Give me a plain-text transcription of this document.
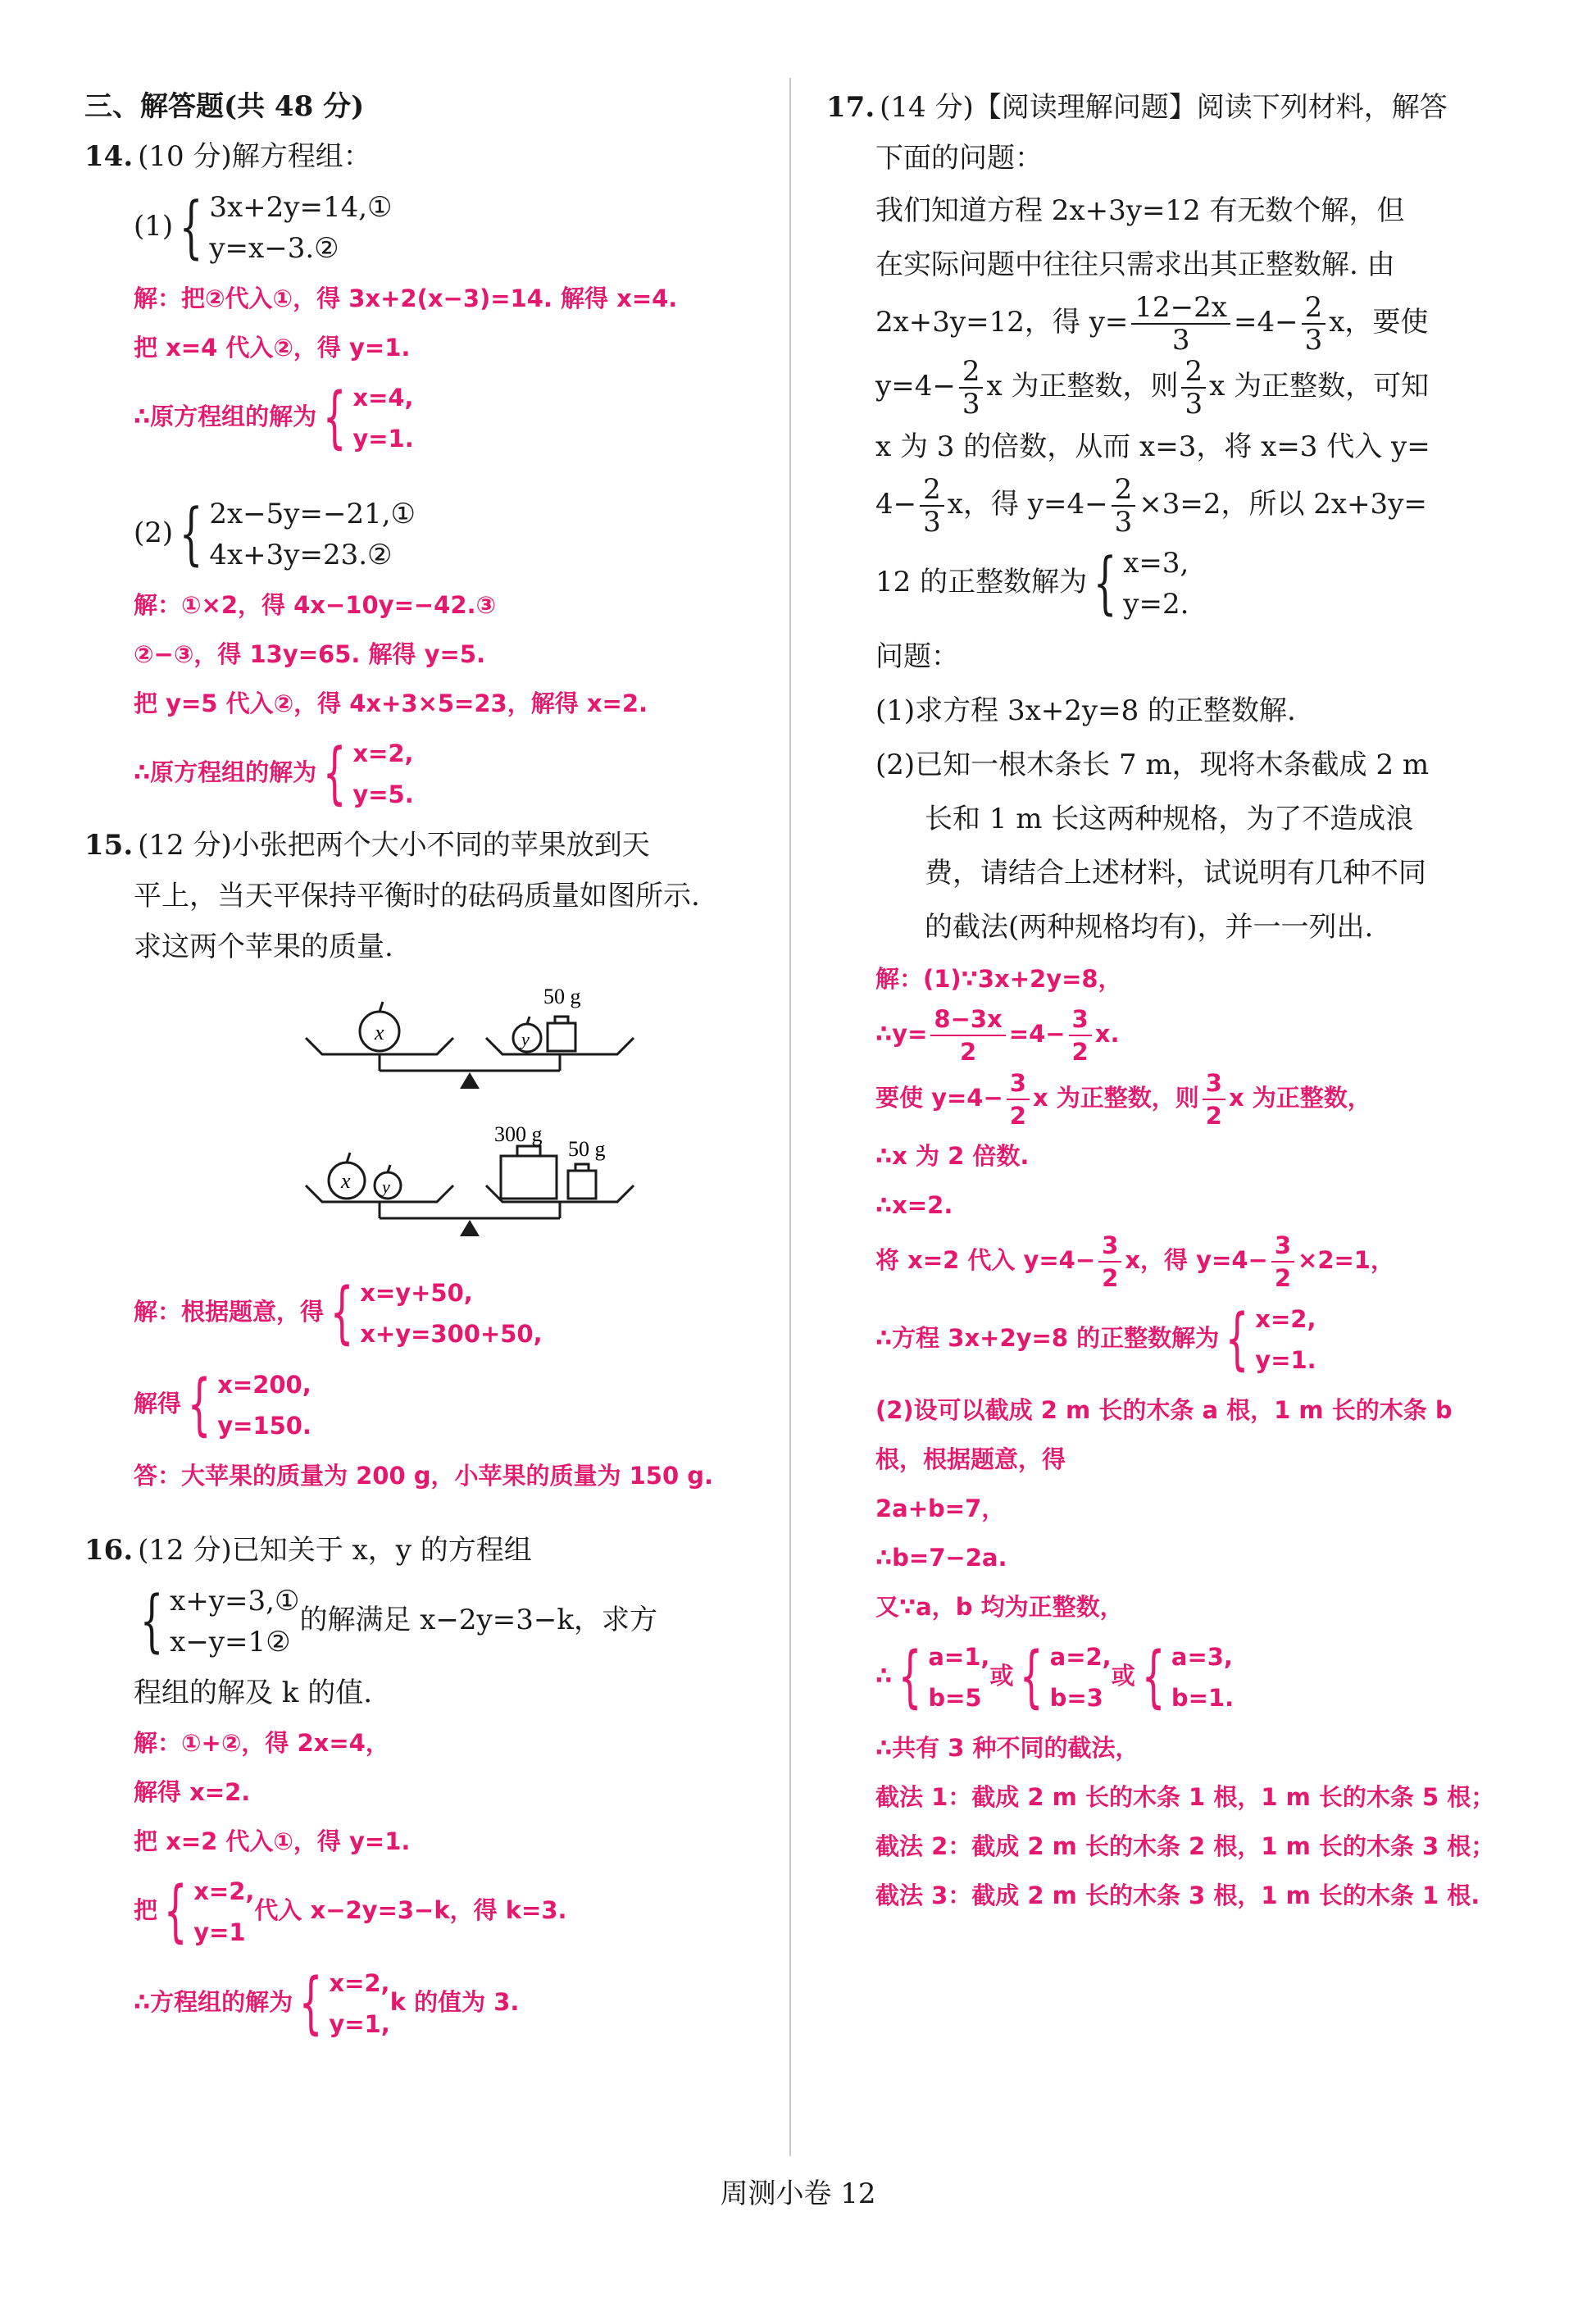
三、解答题(共 48 分)
14. (10 分)解方程组：
(1) { 3x+2y=14,①
y=x−3.②
解：把②代入①，得 3x+2(x−3)=14. 解得 x=4.
把 x=4 代入②，得 y=1.
∴原方程组的解为 { x=4,
y=1.
(2) { 2x−5y=−21,①
4x+3y=23.②
解：①×2，得 4x−10y=−42.③
②−③，得 13y=65. 解得 y=5.
把 y=5 代入②，得 4x+3×5=23，解得 x=2.
∴原方程组的解为 { x=2,
y=5.
15. (12 分)小张把两个大小不同的苹果放到天
平上，当天平保持平衡时的砝码质量如图所示.
求这两个苹果的质量.
x	y
50 g
x y
300 g
50 g
解：根据题意，得 { x=y+50,
x+y=300+50,
解得 { x=200,
y=150.
答：大苹果的质量为 200 g，小苹果的质量为 150 g.
16. (12 分)已知关于 x，y 的方程组
{ x+y=3,①
x−y=1②
的解满足 x−2y=3−k，求方
程组的解及 k 的值.
解：①+②，得 2x=4，
解得 x=2.
把 x=2 代入①，得 y=1.
把 { x=2,
y=1
代入 x−2y=3−k，得 k=3.
∴方程组的解为 { x=2,
y=1,
k 的值为 3.
17. (14 分)【阅读理解问题】阅读下列材料，解答
下面的问题：
我们知道方程 2x+3y=12 有无数个解，但
在实际问题中往往只需求出其正整数解. 由
2x+3y=12，得 $y= \frac{12-2x}{3} =4- \frac{2}{3}$ x，要使
$y=4- \frac{2}{3}$ x 为正整数，则 $\frac{2}{3}$ x 为正整数，可知
x 为 3 的倍数，从而 x=3，将 x=3 代入 y=
$4- \frac{2}{3}$ x，得 $y=4- \frac{2}{3} \times 3=2$，所以 2x+3y=
12 的正整数解为 { x=3,
y=2.
问题：
(1)求方程 3x+2y=8 的正整数解.
(2)已知一根木条长 7 m，现将木条截成 2 m
长和 1 m 长这两种规格，为了不造成浪
费，请结合上述材料，试说明有几种不同
的截法(两种规格均有)，并一一列出.
解：(1)∵3x+2y=8，
∴y= $\frac{8-3x}{2} =4- \frac{3}{2} x$.
要使 $y=4- \frac{3}{2}$ x 为正整数，则 $\frac{3}{2}$ x 为正整数，
∴x 为 2 倍数.
∴x=2.
将 x=2 代入 $y=4- \frac{3}{2}$ x，得 $y=4- \frac{3}{2} \times 2=1$，
∴方程 3x+2y=8 的正整数解为 { x=2,
y=1.
(2)设可以截成 2 m 长的木条 a 根，1 m 长的木条 b
根，根据题意，得
2a+b=7，
∴b=7−2a.
又∵a，b 均为正整数，
∴ { a=1,
b=5
或 { a=2,
b=3
或 { a=3,
b=1.
∴共有 3 种不同的截法，
截法 1：截成 2 m 长的木条 1 根，1 m 长的木条 5 根；
截法 2：截成 2 m 长的木条 2 根，1 m 长的木条 3 根；
截法 3：截成 2 m 长的木条 3 根，1 m 长的木条 1 根.
周测小卷 12
